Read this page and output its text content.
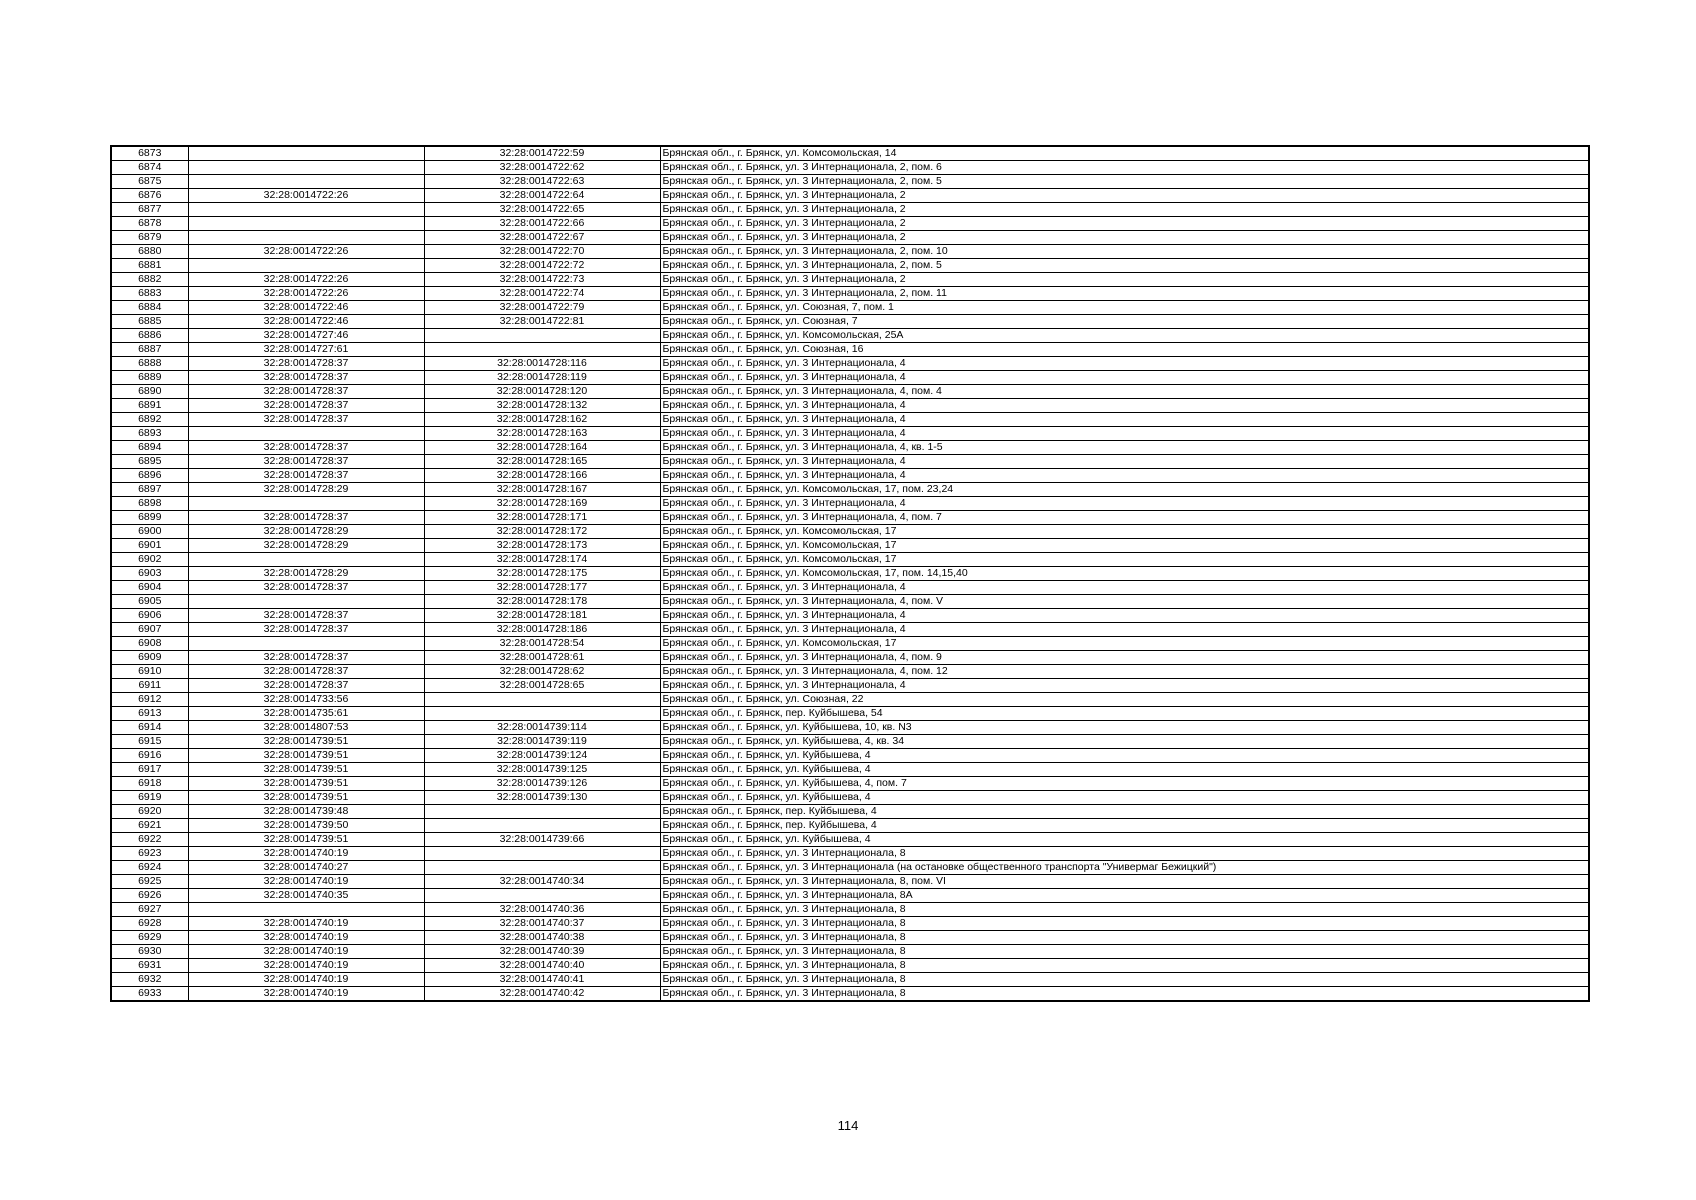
6873		32:28:0014722:59	Брянская обл., г. Брянск, ул. Комсомольская, 14
6874		32:28:0014722:62	Брянская обл., г. Брянск, ул. 3 Интернационала, 2, пом. 6
6875		32:28:0014722:63	Брянская обл., г. Брянск, ул. 3 Интернационала, 2, пом. 5
6876	32:28:0014722:26	32:28:0014722:64	Брянская обл., г. Брянск, ул. 3 Интернационала, 2
6877		32:28:0014722:65	Брянская обл., г. Брянск, ул. 3 Интернационала, 2
6878		32:28:0014722:66	Брянская обл., г. Брянск, ул. 3 Интернационала, 2
6879		32:28:0014722:67	Брянская обл., г. Брянск, ул. 3 Интернационала, 2
6880	32:28:0014722:26	32:28:0014722:70	Брянская обл., г. Брянск, ул. 3 Интернационала, 2, пом. 10
6881		32:28:0014722:72	Брянская обл., г. Брянск, ул. 3 Интернационала, 2, пом. 5
6882	32:28:0014722:26	32:28:0014722:73	Брянская обл., г. Брянск, ул. 3 Интернационала, 2
6883	32:28:0014722:26	32:28:0014722:74	Брянская обл., г. Брянск, ул. 3 Интернационала, 2, пом. 11
6884	32:28:0014722:46	32:28:0014722:79	Брянская обл., г. Брянск, ул. Союзная, 7, пом. 1
6885	32:28:0014722:46	32:28:0014722:81	Брянская обл., г. Брянск, ул. Союзная, 7
6886	32:28:0014727:46		Брянская обл., г. Брянск, ул. Комсомольская, 25А
6887	32:28:0014727:61		Брянская обл., г. Брянск, ул. Союзная, 16
6888	32:28:0014728:37	32:28:0014728:116	Брянская обл., г. Брянск, ул. 3 Интернационала, 4
6889	32:28:0014728:37	32:28:0014728:119	Брянская обл., г. Брянск, ул. 3 Интернационала, 4
6890	32:28:0014728:37	32:28:0014728:120	Брянская обл., г. Брянск, ул. 3 Интернационала, 4, пом. 4
6891	32:28:0014728:37	32:28:0014728:132	Брянская обл., г. Брянск, ул. 3 Интернационала, 4
6892	32:28:0014728:37	32:28:0014728:162	Брянская обл., г. Брянск, ул. 3 Интернационала, 4
6893		32:28:0014728:163	Брянская обл., г. Брянск, ул. 3 Интернационала, 4
6894	32:28:0014728:37	32:28:0014728:164	Брянская обл., г. Брянск, ул. 3 Интернационала, 4, кв. 1-5
6895	32:28:0014728:37	32:28:0014728:165	Брянская обл., г. Брянск, ул. 3 Интернационала, 4
6896	32:28:0014728:37	32:28:0014728:166	Брянская обл., г. Брянск, ул. 3 Интернационала, 4
6897	32:28:0014728:29	32:28:0014728:167	Брянская обл., г. Брянск, ул. Комсомольская, 17, пом. 23,24
6898		32:28:0014728:169	Брянская обл., г. Брянск, ул. 3 Интернационала, 4
6899	32:28:0014728:37	32:28:0014728:171	Брянская обл., г. Брянск, ул. 3 Интернационала, 4, пом. 7
6900	32:28:0014728:29	32:28:0014728:172	Брянская обл., г. Брянск, ул. Комсомольская, 17
6901	32:28:0014728:29	32:28:0014728:173	Брянская обл., г. Брянск, ул. Комсомольская, 17
6902		32:28:0014728:174	Брянская обл., г. Брянск, ул. Комсомольская, 17
6903	32:28:0014728:29	32:28:0014728:175	Брянская обл., г. Брянск, ул. Комсомольская, 17, пом. 14,15,40
6904	32:28:0014728:37	32:28:0014728:177	Брянская обл., г. Брянск, ул. 3 Интернационала, 4
6905		32:28:0014728:178	Брянская обл., г. Брянск, ул. 3 Интернационала, 4, пом. V
6906	32:28:0014728:37	32:28:0014728:181	Брянская обл., г. Брянск, ул. 3 Интернационала, 4
6907	32:28:0014728:37	32:28:0014728:186	Брянская обл., г. Брянск, ул. 3 Интернационала, 4
6908		32:28:0014728:54	Брянская обл., г. Брянск, ул. Комсомольская, 17
6909	32:28:0014728:37	32:28:0014728:61	Брянская обл., г. Брянск, ул. 3 Интернационала, 4, пом. 9
6910	32:28:0014728:37	32:28:0014728:62	Брянская обл., г. Брянск, ул. 3 Интернационала, 4, пом. 12
6911	32:28:0014728:37	32:28:0014728:65	Брянская обл., г. Брянск, ул. 3 Интернационала, 4
6912	32:28:0014733:56		Брянская обл., г. Брянск, ул. Союзная, 22
6913	32:28:0014735:61		Брянская обл., г. Брянск, пер. Куйбышева, 54
6914	32:28:0014807:53	32:28:0014739:114	Брянская обл., г. Брянск, ул. Куйбышева, 10, кв. N3
6915	32:28:0014739:51	32:28:0014739:119	Брянская обл., г. Брянск, ул. Куйбышева, 4, кв. 34
6916	32:28:0014739:51	32:28:0014739:124	Брянская обл., г. Брянск, ул. Куйбышева, 4
6917	32:28:0014739:51	32:28:0014739:125	Брянская обл., г. Брянск, ул. Куйбышева, 4
6918	32:28:0014739:51	32:28:0014739:126	Брянская обл., г. Брянск, ул. Куйбышева, 4, пом. 7
6919	32:28:0014739:51	32:28:0014739:130	Брянская обл., г. Брянск, ул. Куйбышева, 4
6920	32:28:0014739:48		Брянская обл., г. Брянск, пер. Куйбышева, 4
6921	32:28:0014739:50		Брянская обл., г. Брянск, пер. Куйбышева, 4
6922	32:28:0014739:51	32:28:0014739:66	Брянская обл., г. Брянск, ул. Куйбышева, 4
6923	32:28:0014740:19		Брянская обл., г. Брянск, ул. 3 Интернационала, 8
6924	32:28:0014740:27		Брянская обл., г. Брянск, ул. 3 Интернационала (на остановке общественного транспорта "Универмаг Бежицкий")
6925	32:28:0014740:19	32:28:0014740:34	Брянская обл., г. Брянск, ул. 3 Интернационала, 8, пом. VI
6926	32:28:0014740:35		Брянская обл., г. Брянск, ул. 3 Интернационала, 8А
6927		32:28:0014740:36	Брянская обл., г. Брянск, ул. 3 Интернационала, 8
6928	32:28:0014740:19	32:28:0014740:37	Брянская обл., г. Брянск, ул. 3 Интернационала, 8
6929	32:28:0014740:19	32:28:0014740:38	Брянская обл., г. Брянск, ул. 3 Интернационала, 8
6930	32:28:0014740:19	32:28:0014740:39	Брянская обл., г. Брянск, ул. 3 Интернационала, 8
6931	32:28:0014740:19	32:28:0014740:40	Брянская обл., г. Брянск, ул. 3 Интернационала, 8
6932	32:28:0014740:19	32:28:0014740:41	Брянская обл., г. Брянск, ул. 3 Интернационала, 8
6933	32:28:0014740:19	32:28:0014740:42	Брянская обл., г. Брянск, ул. 3 Интернационала, 8
114
